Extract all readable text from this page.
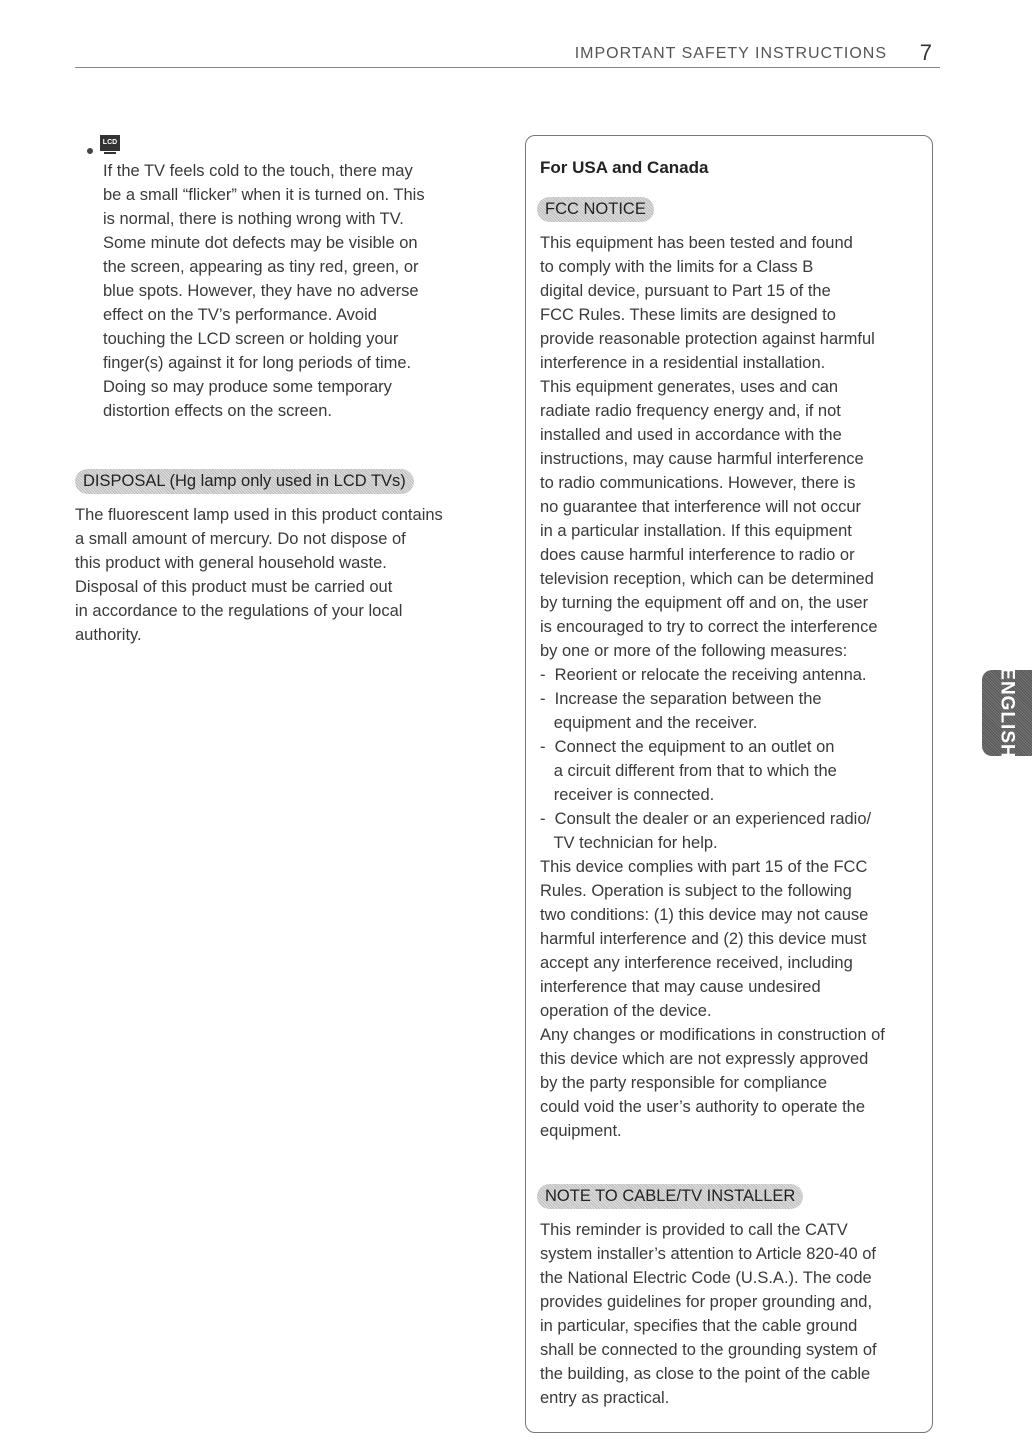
IMPORTANT SAFETY INSTRUCTIONS 7
LCD
If the TV feels cold to the touch, there may
be a small “flicker” when it is turned on. This
is normal, there is nothing wrong with TV.
Some minute dot defects may be visible on
the screen, appearing as tiny red, green, or
blue spots. However, they have no adverse
effect on the TV’s performance. Avoid
touching the LCD screen or holding your
finger(s) against it for long periods of time.
Doing so may produce some temporary
distortion effects on the screen.
DISPOSAL (Hg lamp only used in LCD TVs)
The fluorescent lamp used in this product contains
a small amount of mercury. Do not dispose of
this product with general household waste.
Disposal of this product must be carried out
in accordance to the regulations of your local
authority.
For USA and Canada
FCC NOTICE
This equipment has been tested and found
to comply with the limits for a Class B
digital device, pursuant to Part 15 of the
FCC Rules. These limits are designed to
provide reasonable protection against harmful
interference in a residential installation.
This equipment generates, uses and can
radiate radio frequency energy and, if not
installed and used in accordance with the
instructions, may cause harmful interference
to radio communications. However, there is
no guarantee that interference will not occur
in a particular installation. If this equipment
does cause harmful interference to radio or
television reception, which can be determined
by turning the equipment off and on, the user
is encouraged to try to correct the interference
by one or more of the following measures:
-  Reorient or relocate the receiving antenna.
-  Increase the separation between the
equipment and the receiver.
-  Connect the equipment to an outlet on
a circuit different from that to which the
receiver is connected.
-  Consult the dealer or an experienced radio/
TV technician for help.
This device complies with part 15 of the FCC
Rules. Operation is subject to the following
two conditions: (1) this device may not cause
harmful interference and (2) this device must
accept any interference received, including
interference that may cause undesired
operation of the device.
Any changes or modifications in construction of
this device which are not expressly approved
by the party responsible for compliance
could void the user’s authority to operate the
equipment.
NOTE TO CABLE/TV INSTALLER
This reminder is provided to call the CATV
system installer’s attention to Article 820-40 of
the National Electric Code (U.S.A.). The code
provides guidelines for proper grounding and,
in particular, specifies that the cable ground
shall be connected to the grounding system of
the building, as close to the point of the cable
entry as practical.
ENGLISH
